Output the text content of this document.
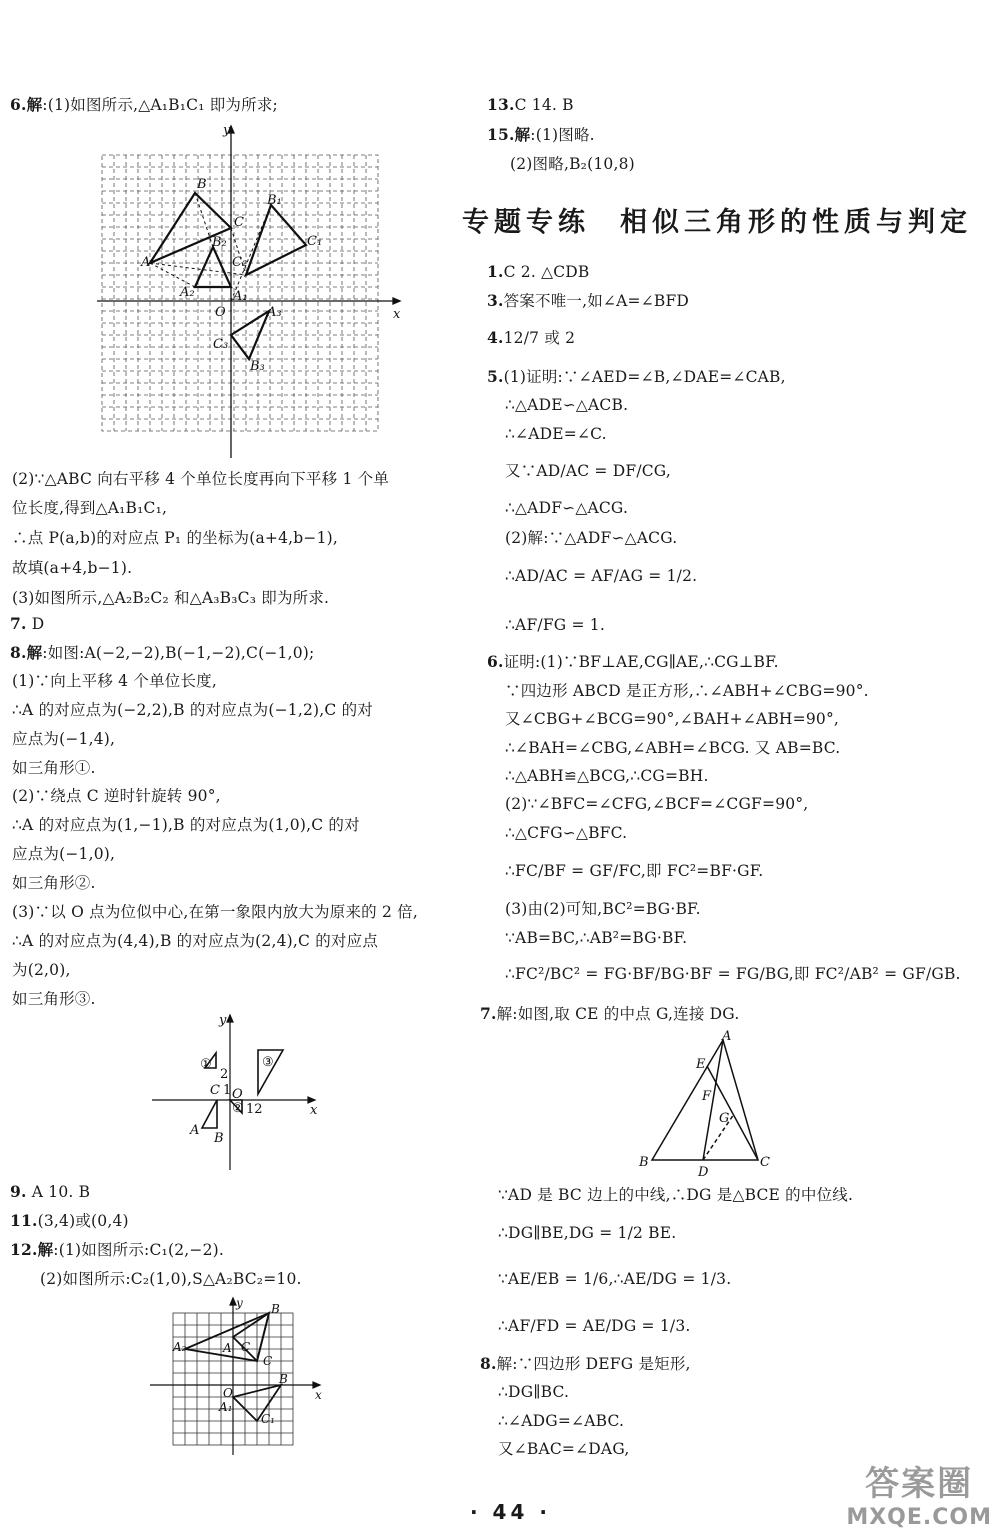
6.解:(1)如图所示,△A₁B₁C₁ 即为所求;
(2)∵△ABC 向右平移 4 个单位长度再向下平移 1 个单
位长度,得到△A₁B₁C₁,
∴点 P(a,b)的对应点 P₁ 的坐标为(a+4,b−1),
故填(a+4,b−1).
(3)如图所示,△A₂B₂C₂ 和△A₃B₃C₃ 即为所求.
7. D
8.解:如图:A(−2,−2),B(−1,−2),C(−1,0);
(1)∵向上平移 4 个单位长度,
∴A 的对应点为(−2,2),B 的对应点为(−1,2),C 的对
应点为(−1,4),
如三角形①.
(2)∵绕点 C 逆时针旋转 90°,
∴A 的对应点为(1,−1),B 的对应点为(1,0),C 的对
应点为(−1,0),
如三角形②.
(3)∵以 O 点为位似中心,在第一象限内放大为原来的 2 倍,
∴A 的对应点为(4,4),B 的对应点为(2,4),C 的对应点
为(2,0),
如三角形③.
9. A 10. B
11.(3,4)或(0,4)
12.解:(1)如图所示:C₁(2,−2).
(2)如图所示:C₂(1,0),S△A₂BC₂=10.
y
x
O
A
B
C
A₁
B₁
C₁
A₂
B₂
C₂
A₃
B₃
C₃
y
x
O
A
B
C 1
2
①
②
③
12
y
x
O
A
B
C
A₁
B
C₁
A₂	C
13.C 14. B
15.解:(1)图略.
(2)图略,B₂(10,8)
专题专练 相似三角形的性质与判定
1.C 2. △CDB
3.答案不唯一,如∠A=∠BFD
4.12/7 或 2
5.(1)证明:∵∠AED=∠B,∠DAE=∠CAB,
∴△ADE∽△ACB.
∴∠ADE=∠C.
又∵AD/AC = DF/CG,
∴△ADF∽△ACG.
(2)解:∵△ADF∽△ACG.
∴AD/AC = AF/AG = 1/2.
∴AF/FG = 1.
6.证明:(1)∵BF⊥AE,CG∥AE,∴CG⊥BF.
∵四边形 ABCD 是正方形,∴∠ABH+∠CBG=90°.
又∠CBG+∠BCG=90°,∠BAH+∠ABH=90°,
∴∠BAH=∠CBG,∠ABH=∠BCG. 又 AB=BC.
∴△ABH≌△BCG,∴CG=BH.
(2)∵∠BFC=∠CFG,∠BCF=∠CGF=90°,
∴△CFG∽△BFC.
∴FC/BF = GF/FC,即 FC²=BF·GF.
(3)由(2)可知,BC²=BG·BF.
∵AB=BC,∴AB²=BG·BF.
∴FC²/BC² = FG·BF/BG·BF = FG/BG,即 FC²/AB² = GF/GB.
7.解:如图,取 CE 的中点 G,连接 DG.
∵AD 是 BC 边上的中线,∴DG 是△BCE 的中位线.
∴DG∥BE,DG = 1/2 BE.
∵AE/EB = 1/6,∴AE/DG = 1/3.
∴AF/FD = AE/DG = 1/3.
8.解:∵四边形 DEFG 是矩形,
∴DG∥BC.
∴∠ADG=∠ABC.
又∠BAC=∠DAG,
A
B	C
D
E
F
G
· 44 ·
答案圈
MXQE.COM
